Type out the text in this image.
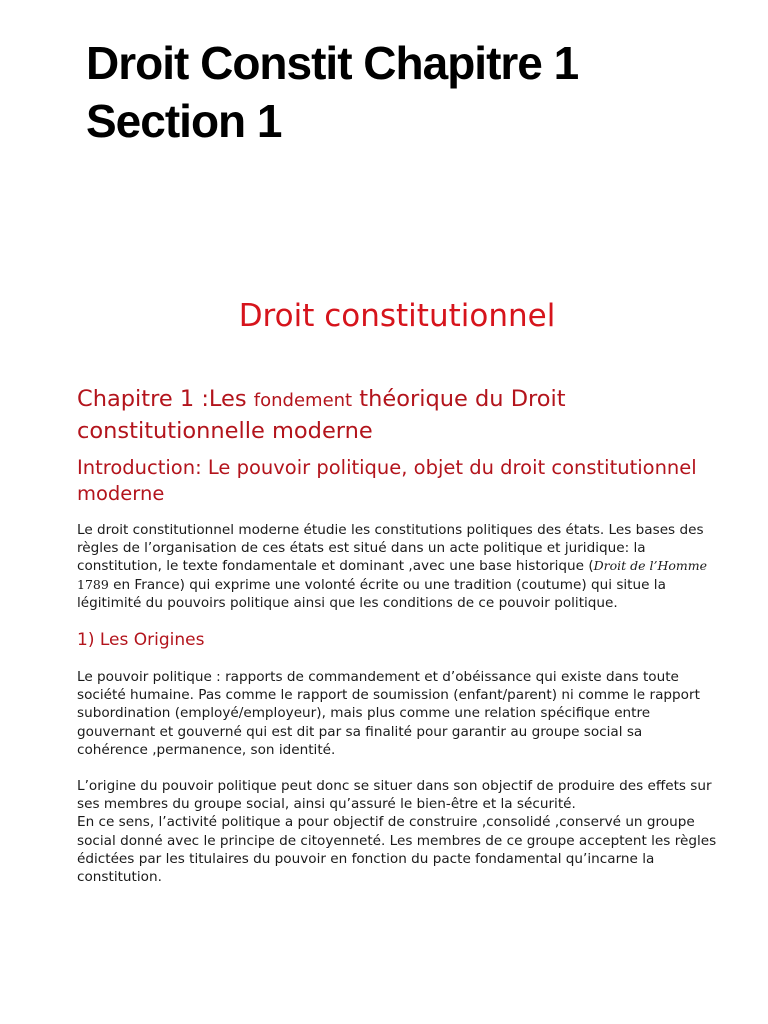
Droit Constit Chapitre 1
Section 1
Droit constitutionnel
Chapitre 1 :Les fondement théorique du Droit constitutionnelle moderne
Introduction: Le pouvoir politique, objet du droit constitutionnel moderne

Le droit constitutionnel moderne étudie les constitutions politiques des états. Les bases des règles de l’organisation de ces états est situé dans un acte politique et juridique: la constitution, le texte fondamentale et dominant ,avec une base historique (Droit de l’Homme 1789 en France) qui exprime une volonté écrite ou une tradition (coutume) qui situe la légitimité du pouvoirs politique ainsi que les conditions de ce pouvoir politique.

1) Les Origines

Le pouvoir politique : rapports de commandement et d’obéissance qui existe dans toute société humaine. Pas comme le rapport de soumission (enfant/parent) ni comme le rapport subordination (employé/employeur), mais plus comme une relation spécifique entre gouvernant et gouverné qui est dit par sa finalité pour garantir au groupe social sa cohérence ,permanence, son identité.

L’origine du pouvoir politique peut donc se situer dans son objectif de produire des effets sur ses membres du groupe social, ainsi qu’assuré le bien-être et la sécurité.
En ce sens, l’activité politique a pour objectif de construire ,consolidé ,conservé un groupe social donné avec le principe de citoyenneté. Les membres de ce groupe acceptent les règles édictées par les titulaires du pouvoir en fonction du pacte fondamental qu’incarne la constitution.
